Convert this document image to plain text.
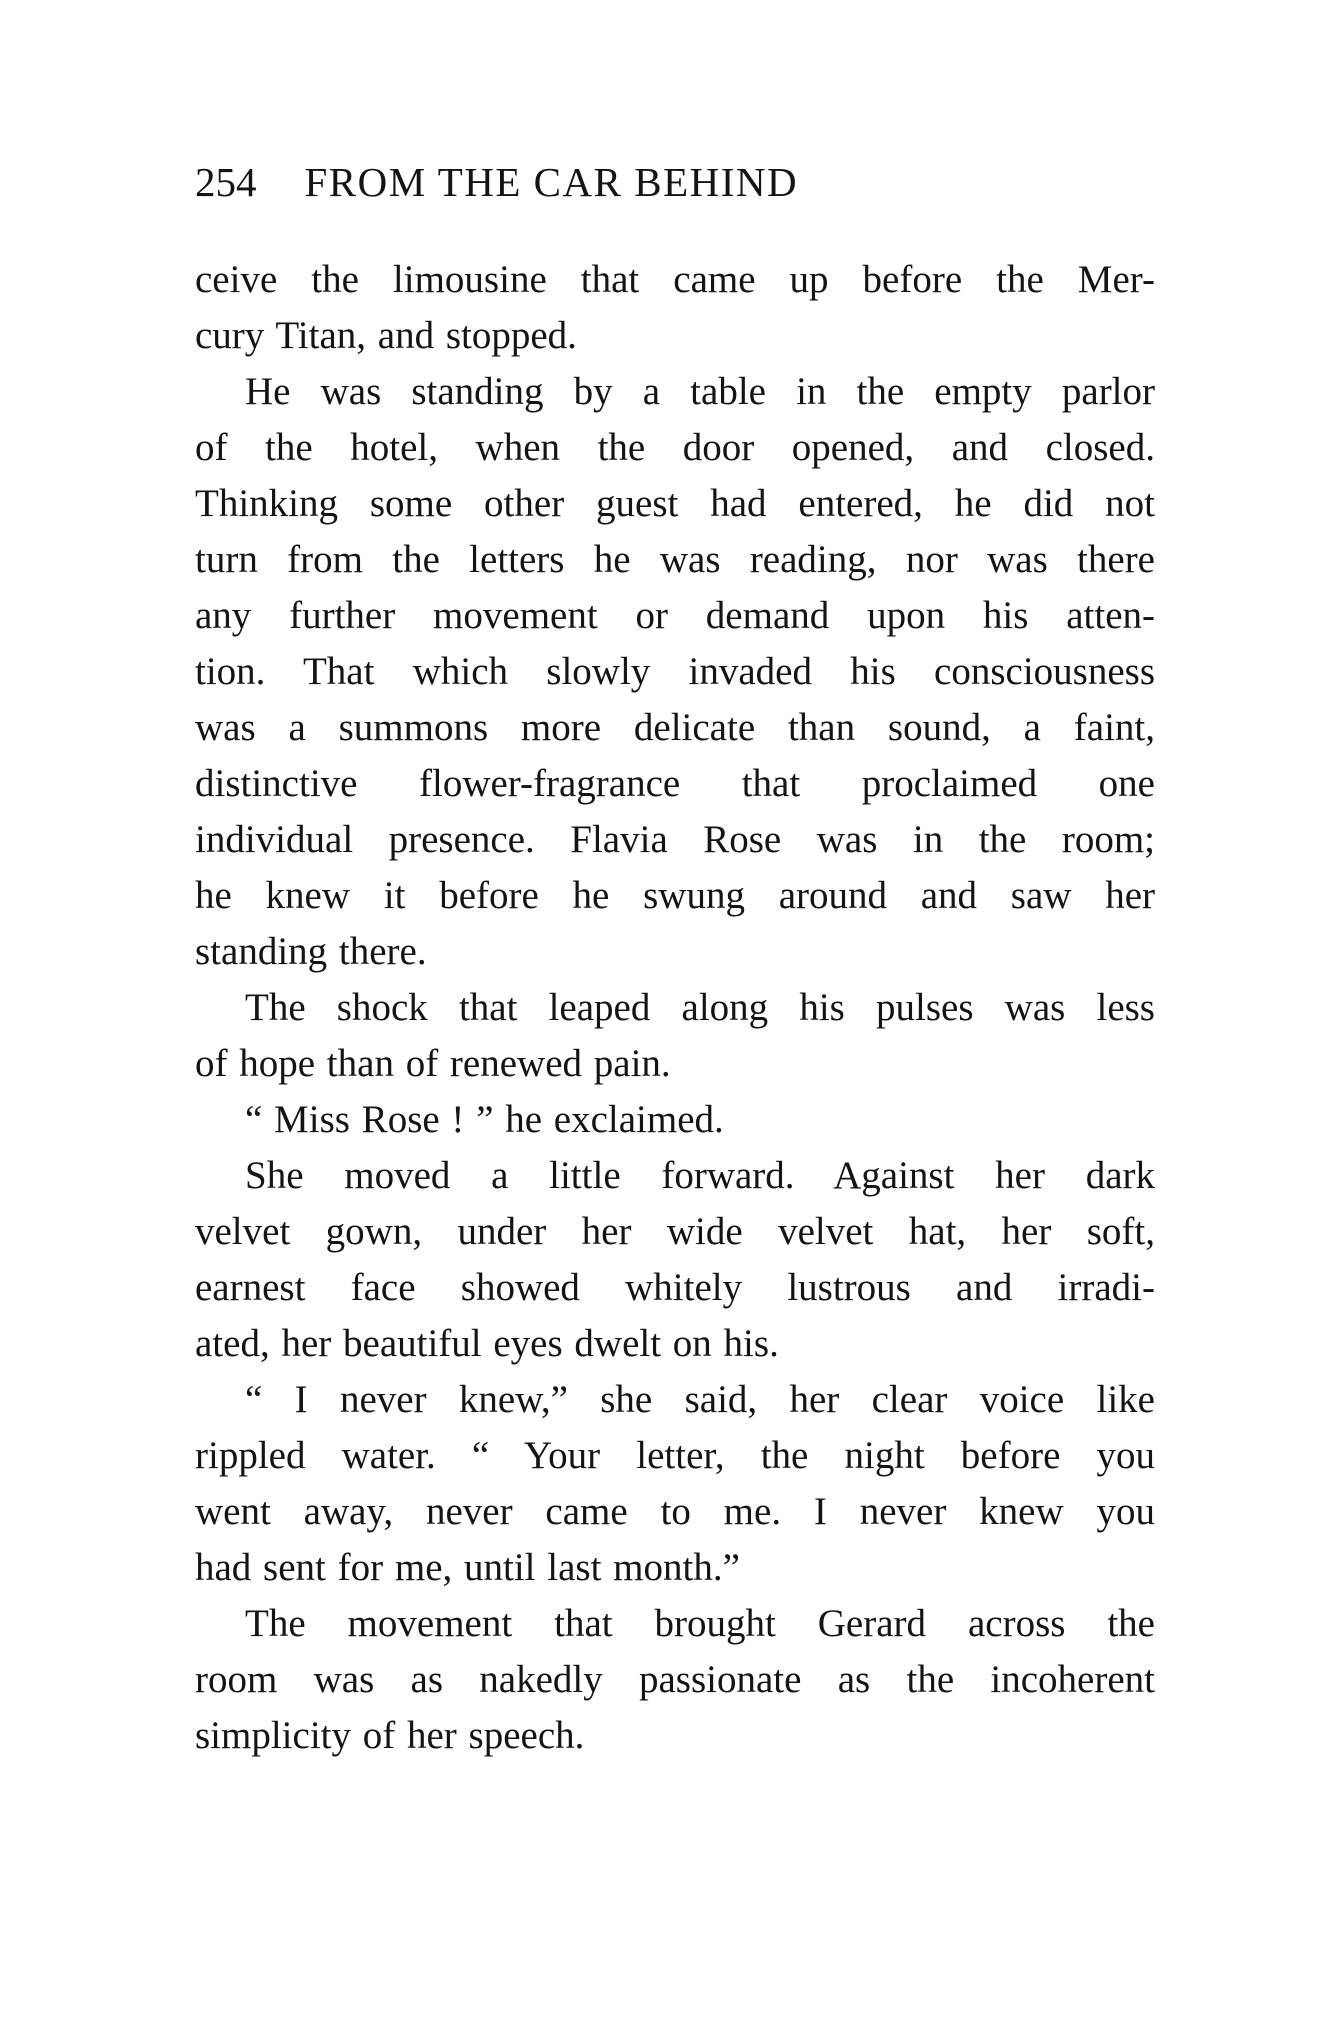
254 FROM THE CAR BEHIND
ceive the limousine that came up before the Mer-
cury Titan, and stopped.
He was standing by a table in the empty parlor
of the hotel, when the door opened, and closed.
Thinking some other guest had entered, he did not
turn from the letters he was reading, nor was there
any further movement or demand upon his atten-
tion. That which slowly invaded his consciousness
was a summons more delicate than sound, a faint,
distinctive flower-fragrance that proclaimed one
individual presence. Flavia Rose was in the room;
he knew it before he swung around and saw her
standing there.
The shock that leaped along his pulses was less
of hope than of renewed pain.
“ Miss Rose ! ” he exclaimed.
She moved a little forward. Against her dark
velvet gown, under her wide velvet hat, her soft,
earnest face showed whitely lustrous and irradi-
ated, her beautiful eyes dwelt on his.
“ I never knew,” she said, her clear voice like
rippled water. “ Your letter, the night before you
went away, never came to me. I never knew you
had sent for me, until last month.”
The movement that brought Gerard across the
room was as nakedly passionate as the incoherent
simplicity of her speech.
